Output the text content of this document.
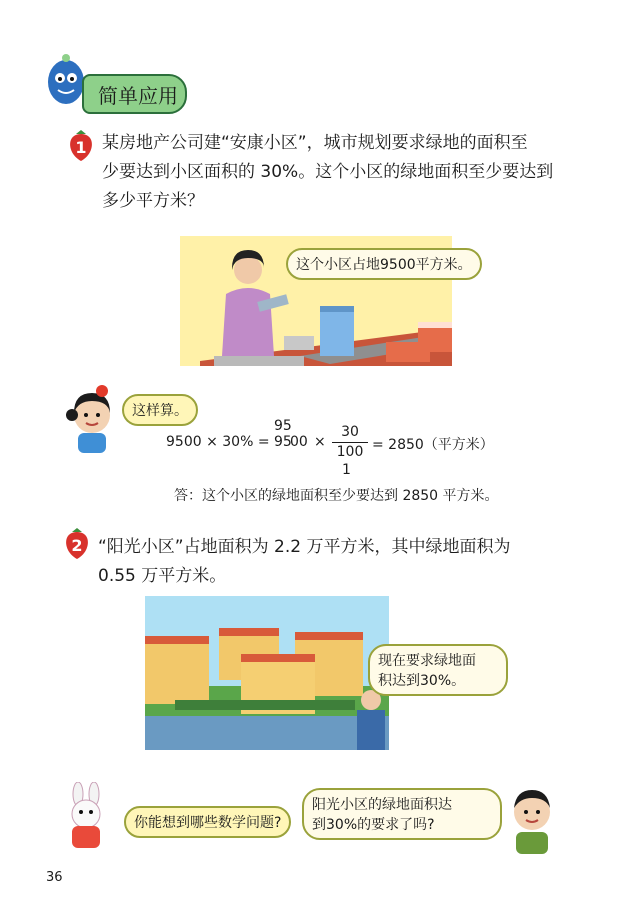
简单应用
1 某房地产公司建“安康小区”，城市规划要求绿地的面积至
少要达到小区面积的 30%。这个小区的绿地面积至少要达到
多少平方米？
这个小区占地9500平方米。
这样算。
9500 × 30% = 95
95
00 ×
30
100
1
= 2850（平方米）
答：这个小区的绿地面积至少要达到 2850 平方米。
2 “阳光小区”占地面积为 2.2 万平方米，其中绿地面积为
0.55 万平方米。
现在要求绿地面
积达到30%。
你能想到哪些数学问题?
阳光小区的绿地面积达
到30%的要求了吗?
36
